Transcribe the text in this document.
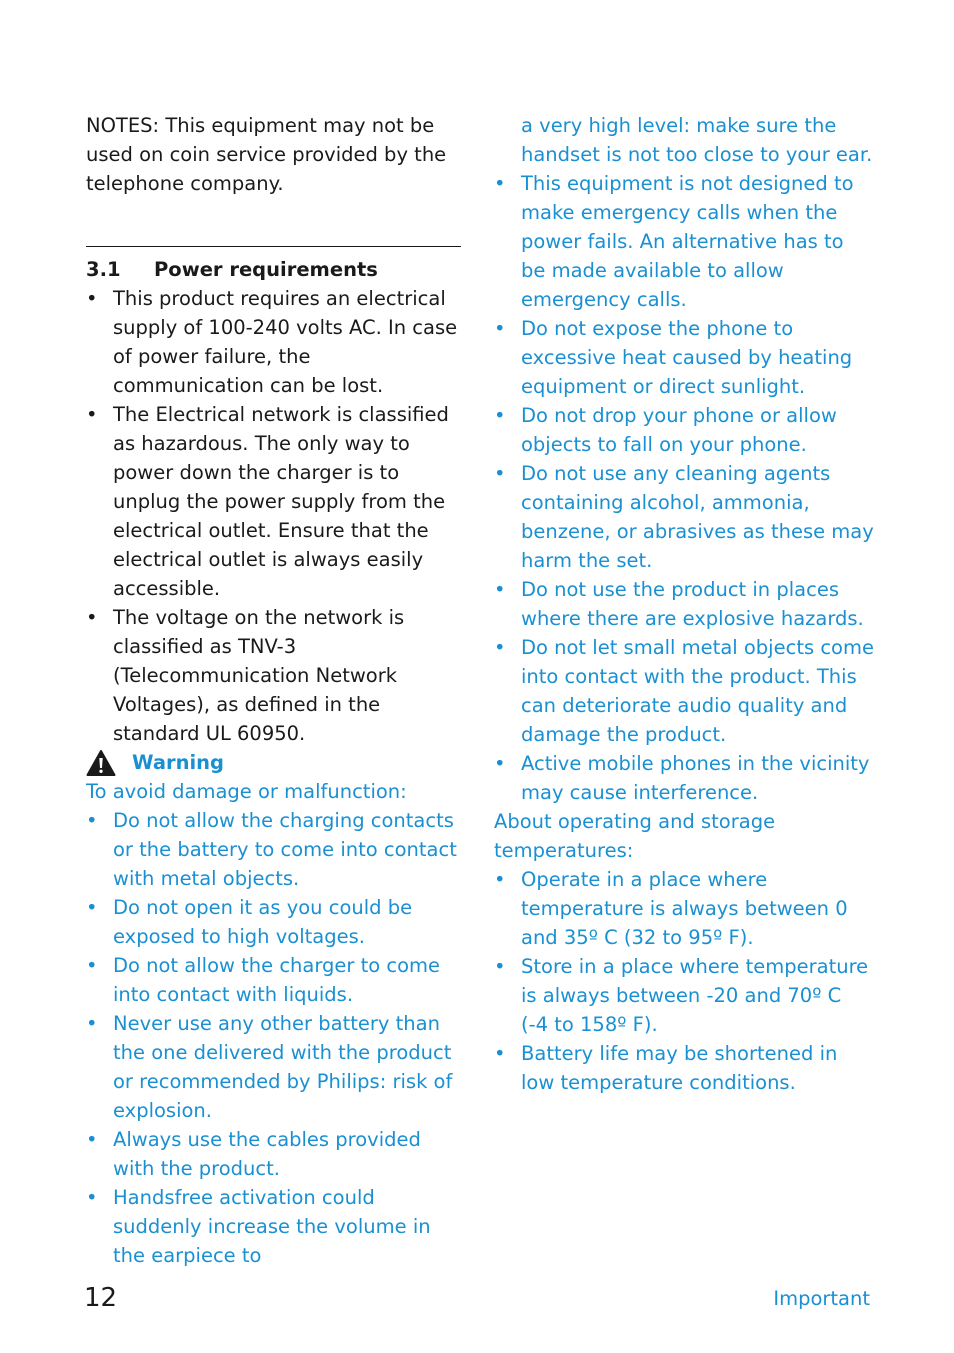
NOTES: This equipment may not be used on coin service provided by the telephone company.

3.1	Power requirements
• This product requires an electrical supply of 100-240 volts AC. In case of power failure, the communication can be lost.
• The Electrical network is classified as hazardous. The only way to power down the charger is to unplug the power supply from the electrical outlet. Ensure that the electrical outlet is always easily accessible.
• The voltage on the network is classified as TNV-3 (Telecommunication Network Voltages), as defined in the standard UL 60950.
Warning

To avoid damage or malfunction:

• Do not allow the charging contacts or the battery to come into contact with metal objects.
• Do not open it as you could be exposed to high voltages.
• Do not allow the charger to come into contact with liquids.
• Never use any other battery than the one delivered with the product or recommended by Philips: risk of explosion.
• Always use the cables provided with the product.
• Handsfree activation could suddenly increase the volume in the earpiece to

a very high level: make sure the handset is not too close to your ear.

• This equipment is not designed to make emergency calls when the power fails. An alternative has to be made available to allow emergency calls.
• Do not expose the phone to excessive heat caused by heating equipment or direct sunlight.
• Do not drop your phone or allow objects to fall on your phone.
• Do not use any cleaning agents containing alcohol, ammonia, benzene, or abrasives as these may harm the set.
• Do not use the product in places where there are explosive hazards.
• Do not let small metal objects come into contact with the product. This can deteriorate audio quality and damage the product.
• Active mobile phones in the vicinity may cause interference.

About operating and storage temperatures:

• Operate in a place where temperature is always between 0 and 35º C (32 to 95º F).
• Store in a place where temperature is always between -20 and 70º C (-4 to 158º F).
• Battery life may be shortened in low temperature conditions.
12	Important
